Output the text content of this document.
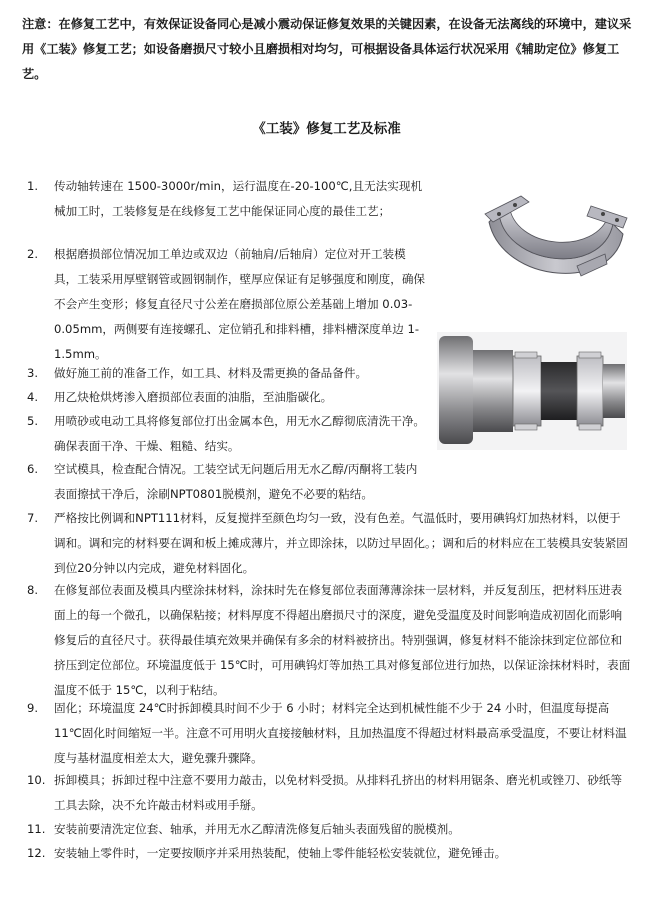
注意：在修复工艺中，有效保证设备同心是减小震动保证修复效果的关键因素，在设备无法离线的环境中，建议采用《工装》修复工艺；如设备磨损尺寸较小且磨损相对均匀，可根据设备具体运行状况采用《辅助定位》修复工艺。
《工装》修复工艺及标准
1.	传动轴转速在 1500-3000r/min，运行温度在-20-100℃,且无法实现机械加工时，工装修复是在线修复工艺中能保证同心度的最佳工艺；
2.	根据磨损部位情况加工单边或双边（前轴肩/后轴肩）定位对开工装模具，工装采用厚壁钢管或圆钢制作，壁厚应保证有足够强度和刚度，确保不会产生变形；修复直径尺寸公差在磨损部位原公差基础上增加 0.03-0.05mm，两侧要有连接螺孔、定位销孔和排料槽，排料槽深度单边 1-1.5mm。
3.	做好施工前的准备工作，如工具、材料及需更换的备品备件。
4.	用乙炔枪烘烤渗入磨损部位表面的油脂，至油脂碳化。
5.	用喷砂或电动工具将修复部位打出金属本色，用无水乙醇彻底清洗干净。确保表面干净、干燥、粗糙、结实。
6.	空试模具，检查配合情况。工装空试无问题后用无水乙醇/丙酮将工装内表面擦拭干净后，涂刷NPT0801脱模剂，避免不必要的粘结。
7.	严格按比例调和NPT111材料，反复搅拌至颜色均匀一致，没有色差。气温低时，要用碘钨灯加热材料，以便于调和。调和完的材料要在调和板上摊成薄片，并立即涂抹，以防过早固化。；调和后的材料应在工装模具安装紧固到位20分钟以内完成，避免材料固化。
8.	在修复部位表面及模具内壁涂抹材料，涂抹时先在修复部位表面薄薄涂抹一层材料，并反复刮压，把材料压进表面上的每一个微孔，以确保粘接；材料厚度不得超出磨损尺寸的深度，避免受温度及时间影响造成初固化而影响修复后的直径尺寸。获得最佳填充效果并确保有多余的材料被挤出。特别强调，修复材料不能涂抹到定位部位和挤压到定位部位。环境温度低于 15℃时，可用碘钨灯等加热工具对修复部位进行加热，以保证涂抹材料时，表面温度不低于 15℃，以利于粘结。
9.	固化；环境温度 24℃时拆卸模具时间不少于 6 小时；材料完全达到机械性能不少于 24 小时，但温度每提高 11℃固化时间缩短一半。注意不可用明火直接接触材料，且加热温度不得超过材料最高承受温度，不要让材料温度与基材温度相差太大，避免骤升骤降。
10. 拆卸模具；拆卸过程中注意不要用力敲击，以免材料受损。从排料孔挤出的材料用锯条、磨光机或锉刀、砂纸等工具去除，决不允许敲击材料或用手掰。
11. 安装前要清洗定位套、轴承，并用无水乙醇清洗修复后轴头表面残留的脱模剂。
12. 安装轴上零件时，一定要按顺序并采用热装配，使轴上零件能轻松安装就位，避免锤击。
